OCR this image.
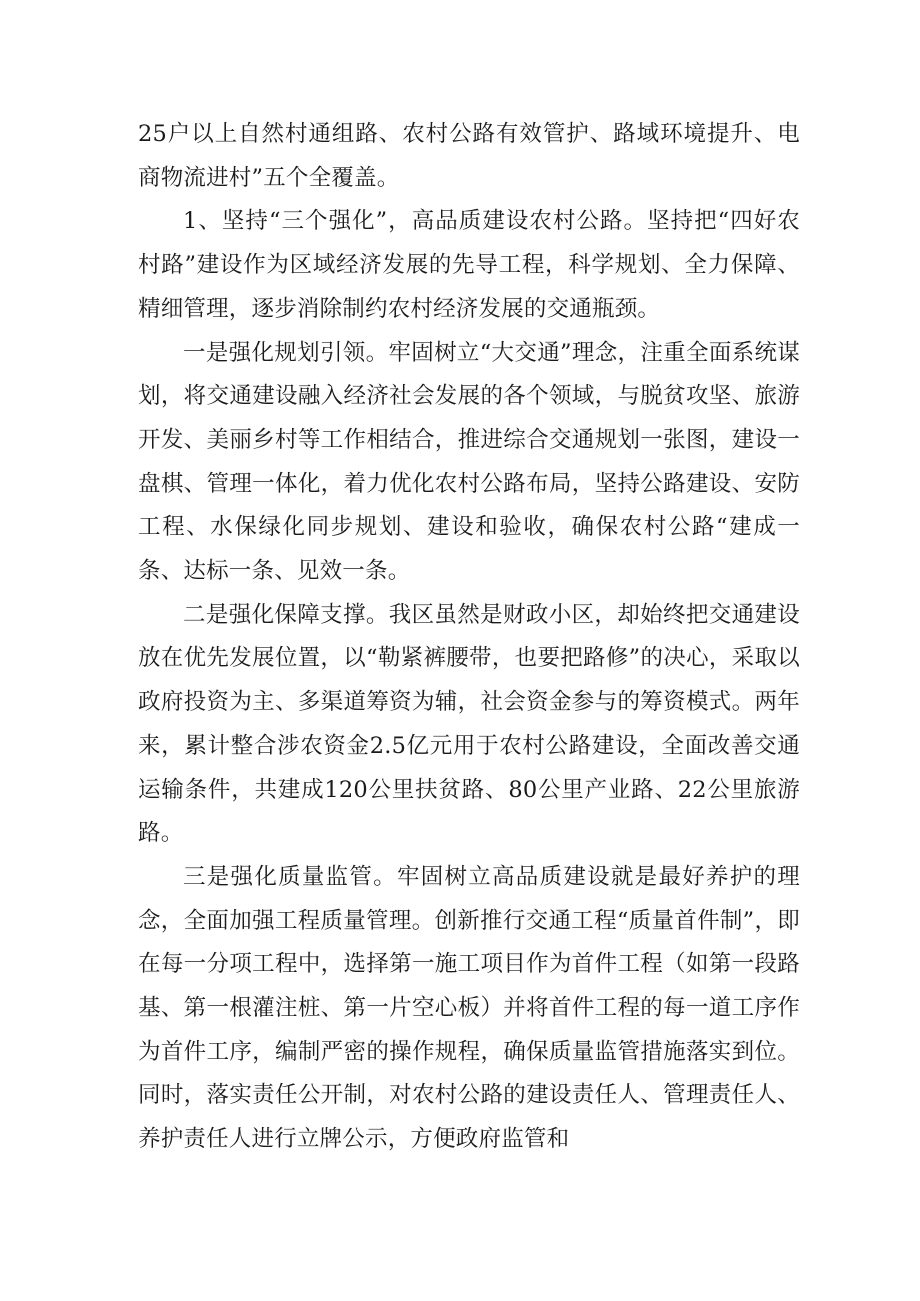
25户以上自然村通组路、农村公路有效管护、路域环境提升、电商物流进村”五个全覆盖。

1、坚持“三个强化”，高品质建设农村公路。坚持把“四好农村路”建设作为区域经济发展的先导工程，科学规划、全力保障、精细管理，逐步消除制约农村经济发展的交通瓶颈。

一是强化规划引领。牢固树立“大交通”理念，注重全面系统谋划，将交通建设融入经济社会发展的各个领域，与脱贫攻坚、旅游开发、美丽乡村等工作相结合，推进综合交通规划一张图，建设一盘棋、管理一体化，着力优化农村公路布局，坚持公路建设、安防工程、水保绿化同步规划、建设和验收，确保农村公路“建成一条、达标一条、见效一条。

二是强化保障支撑。我区虽然是财政小区，却始终把交通建设放在优先发展位置，以“勒紧裤腰带，也要把路修”的决心，采取以政府投资为主、多渠道筹资为辅，社会资金参与的筹资模式。两年来，累计整合涉农资金2.5亿元用于农村公路建设，全面改善交通运输条件，共建成120公里扶贫路、80公里产业路、22公里旅游路。

三是强化质量监管。牢固树立高品质建设就是最好养护的理念，全面加强工程质量管理。创新推行交通工程“质量首件制”，即在每一分项工程中，选择第一施工项目作为首件工程（如第一段路基、第一根灌注桩、第一片空心板）并将首件工程的每一道工序作为首件工序，编制严密的操作规程，确保质量监管措施落实到位。同时，落实责任公开制，对农村公路的建设责任人、管理责任人、养护责任人进行立牌公示，方便政府监管和
